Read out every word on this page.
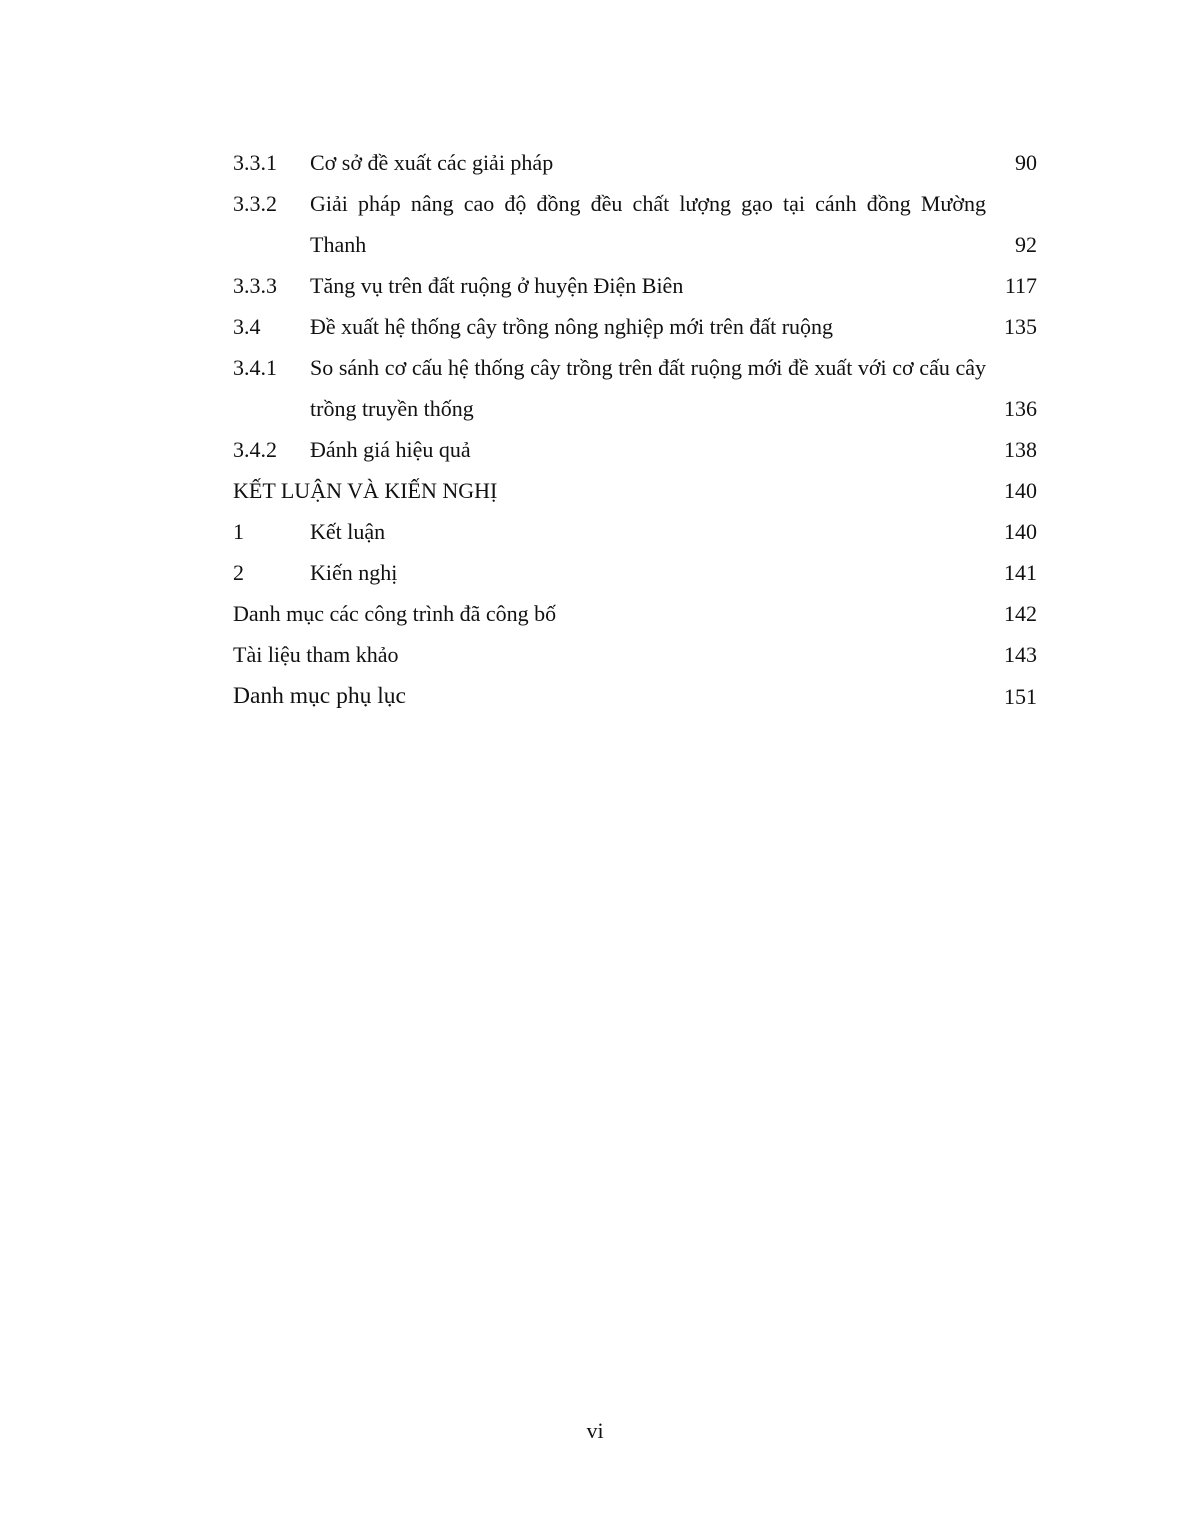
3.3.1 Cơ sở đề xuất các giải pháp	90
3.3.2 Giải pháp nâng cao độ đồng đều chất lượng gạo tại cánh đồng Mường Thanh	92
3.3.3 Tăng vụ trên đất ruộng ở huyện Điện Biên	117
3.4 Đề xuất hệ thống cây trồng nông nghiệp mới trên đất ruộng	135
3.4.1 So sánh cơ cấu hệ thống cây trồng trên đất ruộng mới đề xuất với cơ cấu cây trồng truyền thống	136
3.4.2 Đánh giá hiệu quả	138
KẾT LUẬN VÀ KIẾN NGHỊ	140
1	Kết luận	140
2	Kiến nghị	141
Danh mục các công trình đã công bố	142
Tài liệu tham khảo	143
Danh mục phụ lục	151
vi
